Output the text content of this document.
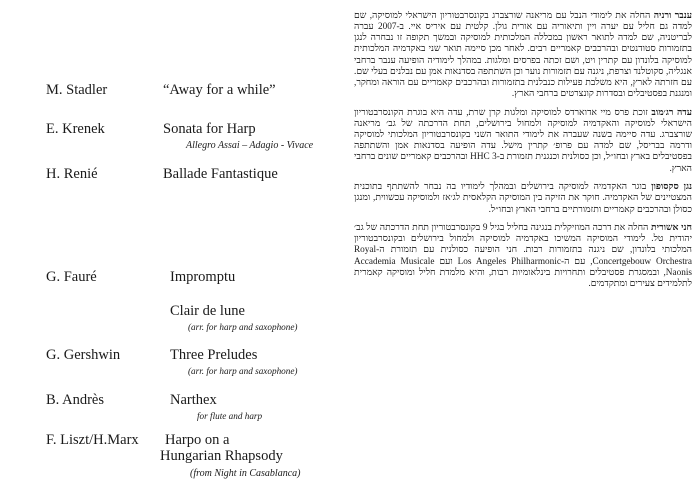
M. Stadler	“Away for a while”
E. Krenek	Sonata for Harp
Allegro Assai – Adagio - Vivace
H. Renié	Ballade Fantastique
G. Fauré	Impromptu
Clair de lune
(arr. for harp and saxophone)
G. Gershwin	Three Preludes
(arr. for harp and saxophone)
B. Andrès	Narthex
for flute and harp
F. Liszt/H.Marx Harpo on a
Hungarian Rhapsody
(from Night in Casablanca)

ענבר ורניה החלה את לימודי הנבל עם מריאנה שורצברג בקונסרבטוריון הישראלי למוסיקה, שם למדה גם חליל עם יערה ויין ותיאוריה עם אורית גולן. קלטית עם איריס איי. ב-2007 עברה לבריטניה, שם למדה לתואר ראשון במכללה המלכותית למוסיקה ובמשך תקופה זו נבחרה לנגן בתזמורות סטודנטים ובהרכבים קאמריים רבים. לאחר מכן סיימה תואר שני באקדמיה המלכותית למוסיקה בלונדון עם קתרין ויט, ושם זכתה בפרסים ומלגות. במהלך לימודיה הופיעה ענבר ברחבי אנגליה, סקוטלנד וצרפת, ניגנה עם תזמורות נוער וכן השתתפה בסדנאות אמן עם נבלנים בעלי שם. עם חזרתה לארץ, היא משלבת פעילות כנבלנית בתזמורות ובהרכבים קאמריים עם הוראה ומחקר, ומנגנת בפסטיבלים ובסדרות קונצרטים ברחבי הארץ.

עדה רג׳מוב זוכת פרס מיי אדוארדס למוסיקה ומלגות קרן שרת, עדה היא בוגרת הקונסרבטוריון הישראלי למוסיקה והאקדמיה למוסיקה ולמחול בירושלים, תחת הדרכתה של גב׳ מריאנה שורצברג. עדה סיימה בשנה שעברה את לימודי התואר השני בקונסרבטוריון המלכותי למוסיקה ודרמה בבריסל, שם למדה עם פרופ׳ קתרין מישל. עדה הופיעה בסדנאות אמן והשתתפה בפסטיבלים בארץ ובחו״ל, וכן כסולנית וכנגנית תזמורת ב-HHC 3 ובהרכבים קאמריים שונים ברחבי הארץ.

נגן סקסופון בוגר האקדמיה למוסיקה בירושלים ובמהלך לימודיו בה נבחר להשתתף בתוכנית המצטיינים של האקדמיה. חוקר את הזיקה בין המוסיקה הקלאסית לג׳אז ולמוסיקה עכשווית, ומנגן כסולן ובהרכבים קאמריים ותזמורתיים ברחבי הארץ ובחו״ל.

חני אשורית החלה את דרכה המוזיקלית בנגינה בחליל בגיל 9 בקונסרבטוריון תחת הדרכתה של גב׳ יהודית טל. לימודי המוסיקה המשיכו באקדמיה למוסיקה ולמחול בירושלים ובקונסרבטוריון המלכותי בלונדון, שם ניגנה בתזמורות רבות. חני הופיעה כסולנית עם תזמורת ה-Royal Concertgebouw Orchestra, עם ה-Los Angeles Philharmonic ועם Accademia Musicale Naonis, ובמסגרת פסטיבלים ותחרויות בינלאומיות רבות, והיא מלמדת חליל ומוסיקה קאמרית לתלמידים צעירים ומתקדמים.
